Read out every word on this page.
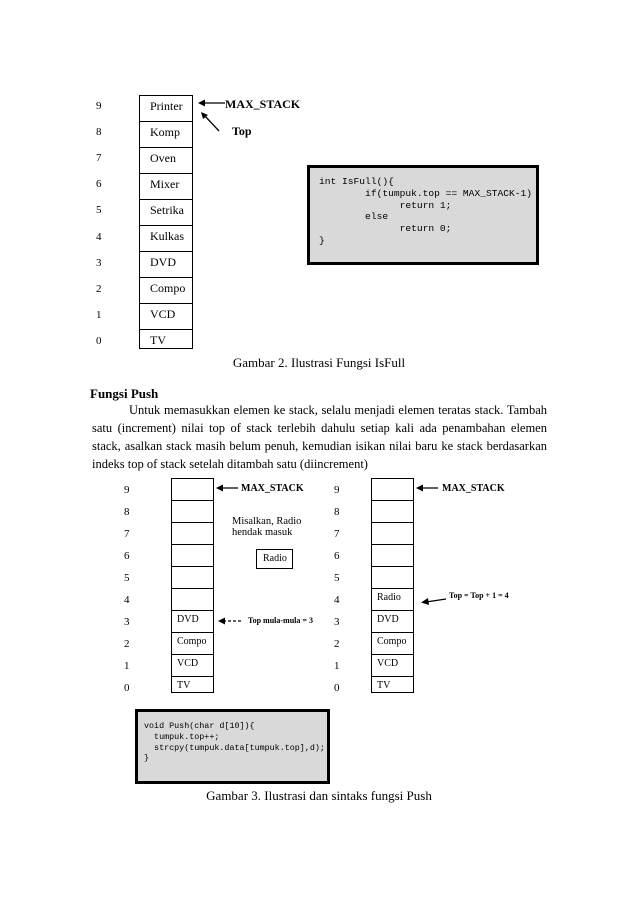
9
8
7
6
5
4
3
2
1
0
Printer
Komp
Oven
Mixer
Setrika
Kulkas
DVD
Compo
VCD
TV
MAX_STACK
Top
int IsFull(){
if(tumpuk.top == MAX_STACK-1)
return 1;
else
return 0;
}
Gambar 2. Ilustrasi Fungsi IsFull
Fungsi Push
Untuk memasukkan elemen ke stack, selalu menjadi elemen teratas stack. Tambah satu (increment) nilai top of stack terlebih dahulu setiap kali ada penambahan elemen stack, asalkan stack masih belum penuh, kemudian isikan nilai baru ke stack berdasarkan indeks top of stack setelah ditambah satu (diincrement)
9
8
7
6
5
4
3
2
1
0
DVD
Compo
VCD
TV
MAX_STACK
Misalkan, Radio hendak masuk
Radio
Top mula-mula = 3
9
8
7
6
5
4
3
2
1
0
Radio
DVD
Compo
VCD
TV
MAX_STACK
Top = Top + 1 = 4
void Push(char d[10]){
tumpuk.top++;
strcpy(tumpuk.data[tumpuk.top],d);
}
Gambar 3. Ilustrasi dan sintaks fungsi Push
